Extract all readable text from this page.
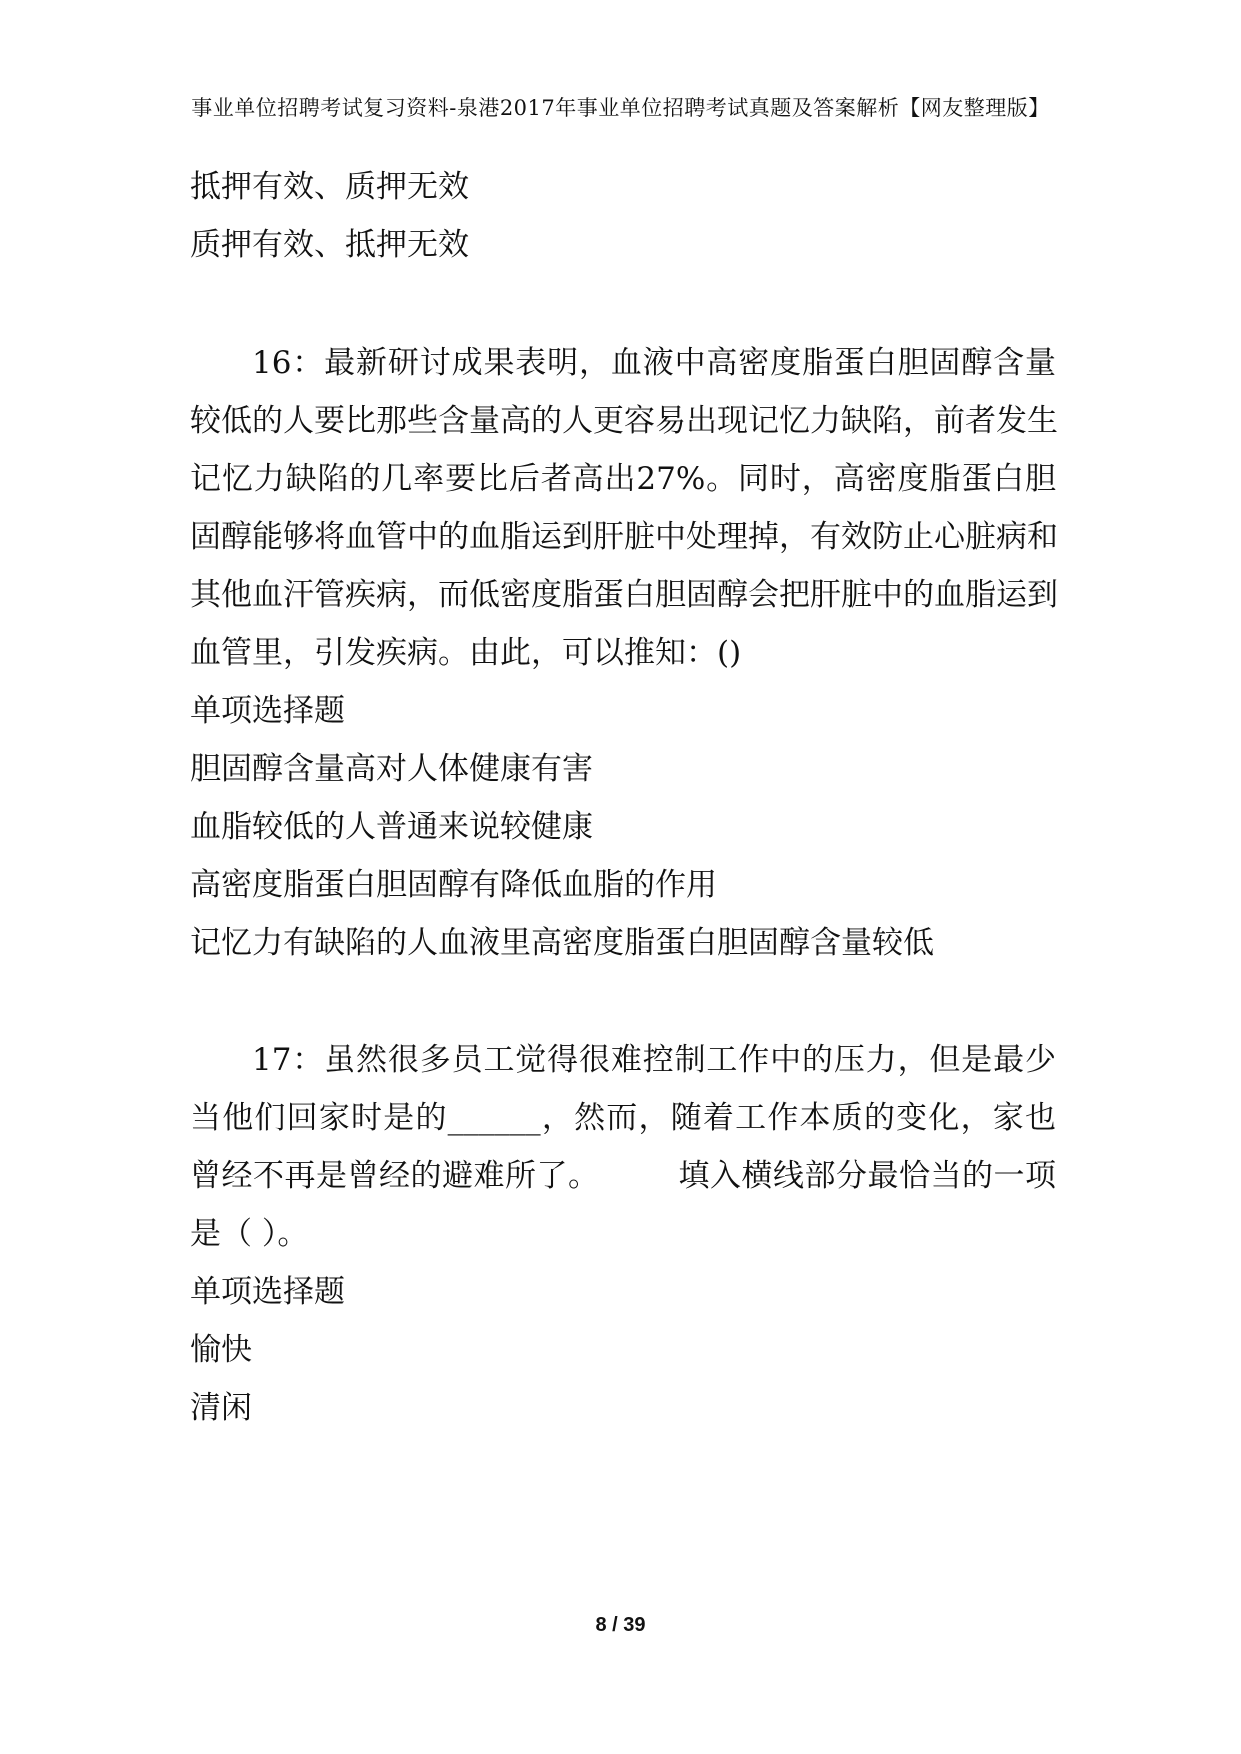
事业单位招聘考试复习资料-泉港2017年事业单位招聘考试真题及答案解析【网友整理版】
抵押有效、质押无效
质押有效、抵押无效
16：最新研讨成果表明，血液中高密度脂蛋白胆固醇含量
较低的人要比那些含量高的人更容易出现记忆力缺陷，前者发生
记忆力缺陷的几率要比后者高出27%。同时，高密度脂蛋白胆
固醇能够将血管中的血脂运到肝脏中处理掉，有效防止心脏病和
其他血汗管疾病，而低密度脂蛋白胆固醇会把肝脏中的血脂运到
血管里，引发疾病。由此，可以推知：()
单项选择题
胆固醇含量高对人体健康有害
血脂较低的人普通来说较健康
高密度脂蛋白胆固醇有降低血脂的作用
记忆力有缺陷的人血液里高密度脂蛋白胆固醇含量较低
17：虽然很多员工觉得很难控制工作中的压力，但是最少
当他们回家时是的______，然而，随着工作本质的变化，家也
曾经不再是曾经的避难所了。　　　填入横线部分最恰当的一项
是（ ）。
单项选择题
愉快
清闲
8 / 39
